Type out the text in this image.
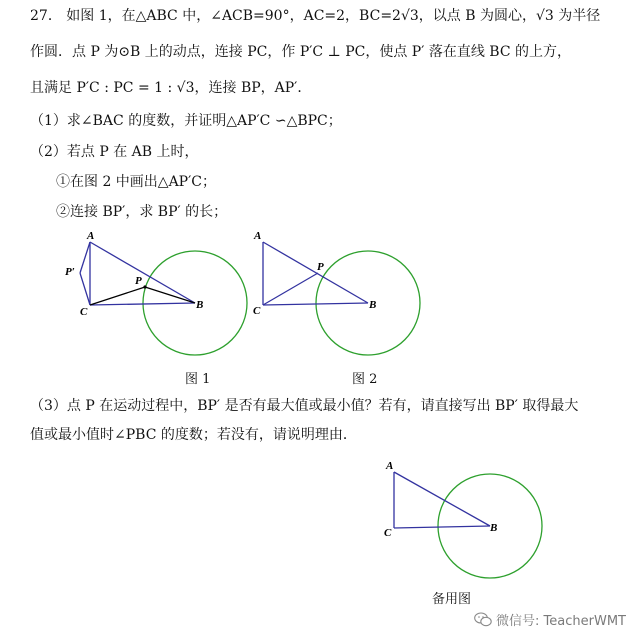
27． 如图 1，在△ABC 中，∠ACB=90°，AC=2，BC=2√3，以点 B 为圆心，√3 为半径
作圆．点 P 为⊙B 上的动点，连接 PC，作 P′C ⊥ PC，使点 P′ 落在直线 BC 的上方，
且满足 P′C : PC = 1 : √3，连接 BP，AP′．
（1）求∠BAC 的度数，并证明△AP′C ∽△BPC；
（2）若点 P 在 AB 上时，
①在图 2 中画出△AP′C；
②连接 BP′，求 BP′ 的长；
（3）点 P 在运动过程中，BP′ 是否有最大值或最小值？若有，请直接写出 BP′ 取得最大
值或最小值时∠PBC 的度数；若没有，请说明理由．
A
P′
P
C
B
图 1
A
P
C	B
图 2
A
C	B
备用图
微信号: TeacherWMT
